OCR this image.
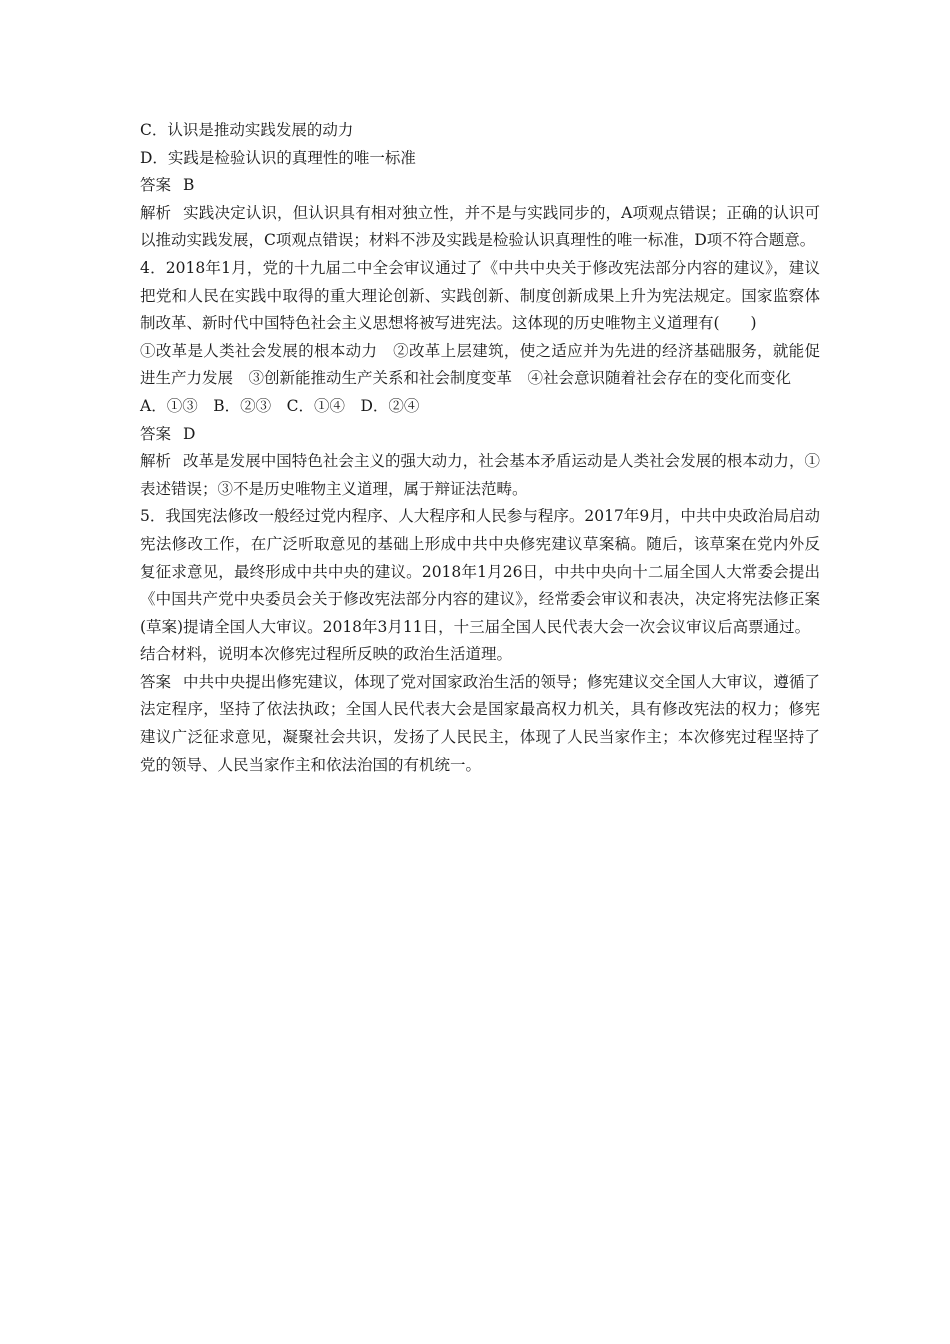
C．认识是推动实践发展的动力
D．实践是检验认识的真理性的唯一标准
答案 B
解析 实践决定认识，但认识具有相对独立性，并不是与实践同步的，A项观点错误；正确的认识可以推动实践发展，C项观点错误；材料不涉及实践是检验认识真理性的唯一标准，D项不符合题意。
4．2018年1月，党的十九届二中全会审议通过了《中共中央关于修改宪法部分内容的建议》，建议把党和人民在实践中取得的重大理论创新、实践创新、制度创新成果上升为宪法规定。国家监察体制改革、新时代中国特色社会主义思想将被写进宪法。这体现的历史唯物主义道理有(　　)
①改革是人类社会发展的根本动力　②改革上层建筑，使之适应并为先进的经济基础服务，就能促进生产力发展　③创新能推动生产关系和社会制度变革　④社会意识随着社会存在的变化而变化
A．①③　B．②③　C．①④　D．②④
答案 D
解析 改革是发展中国特色社会主义的强大动力，社会基本矛盾运动是人类社会发展的根本动力，①表述错误；③不是历史唯物主义道理，属于辩证法范畴。
5．我国宪法修改一般经过党内程序、人大程序和人民参与程序。2017年9月，中共中央政治局启动宪法修改工作，在广泛听取意见的基础上形成中共中央修宪建议草案稿。随后，该草案在党内外反复征求意见，最终形成中共中央的建议。2018年1月26日，中共中央向十二届全国人大常委会提出《中国共产党中央委员会关于修改宪法部分内容的建议》，经常委会审议和表决，决定将宪法修正案(草案)提请全国人大审议。2018年3月11日，十三届全国人民代表大会一次会议审议后高票通过。
结合材料，说明本次修宪过程所反映的政治生活道理。
答案 中共中央提出修宪建议，体现了党对国家政治生活的领导；修宪建议交全国人大审议，遵循了法定程序，坚持了依法执政；全国人民代表大会是国家最高权力机关，具有修改宪法的权力；修宪建议广泛征求意见，凝聚社会共识，发扬了人民民主，体现了人民当家作主；本次修宪过程坚持了党的领导、人民当家作主和依法治国的有机统一。
